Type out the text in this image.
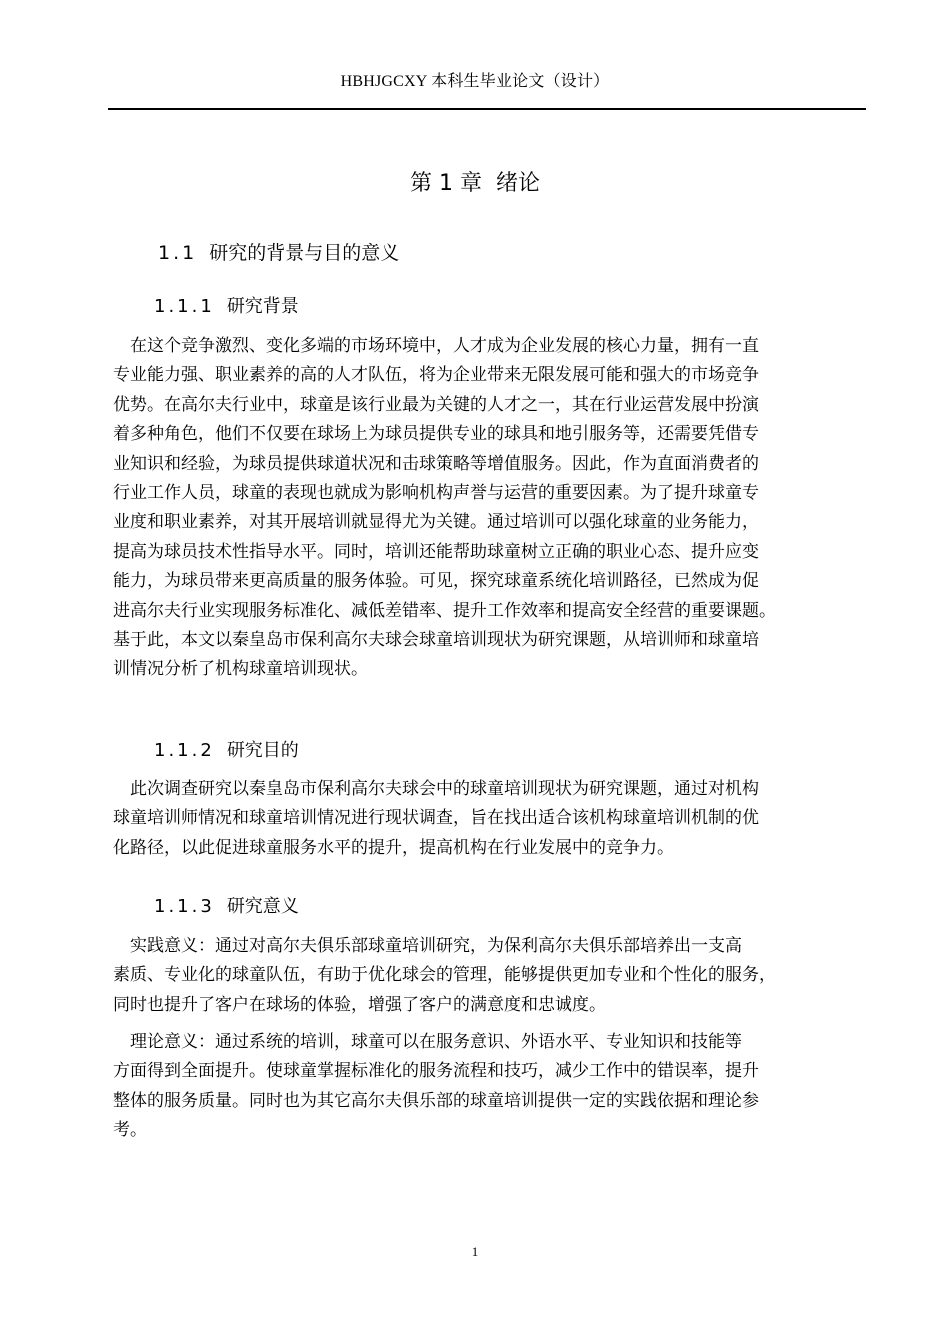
HBHJGCXY 本科生毕业论文（设计）
第 1 章 绪论
1.1 研究的背景与目的意义
1.1.1 研究背景
　在这个竞争激烈、变化多端的市场环境中，人才成为企业发展的核心力量，拥有一直
专业能力强、职业素养的高的人才队伍，将为企业带来无限发展可能和强大的市场竞争
优势。在高尔夫行业中，球童是该行业最为关键的人才之一，其在行业运营发展中扮演
着多种角色，他们不仅要在球场上为球员提供专业的球具和地引服务等，还需要凭借专
业知识和经验，为球员提供球道状况和击球策略等增值服务。因此，作为直面消费者的
行业工作人员，球童的表现也就成为影响机构声誉与运营的重要因素。为了提升球童专
业度和职业素养，对其开展培训就显得尤为关键。通过培训可以强化球童的业务能力，
提高为球员技术性指导水平。同时，培训还能帮助球童树立正确的职业心态、提升应变
能力，为球员带来更高质量的服务体验。可见，探究球童系统化培训路径，已然成为促
进高尔夫行业实现服务标准化、减低差错率、提升工作效率和提高安全经营的重要课题。
基于此，本文以秦皇岛市保利高尔夫球会球童培训现状为研究课题，从培训师和球童培
训情况分析了机构球童培训现状。
1.1.2 研究目的
　此次调查研究以秦皇岛市保利高尔夫球会中的球童培训现状为研究课题，通过对机构
球童培训师情况和球童培训情况进行现状调查，旨在找出适合该机构球童培训机制的优
化路径，以此促进球童服务水平的提升，提高机构在行业发展中的竞争力。
1.1.3 研究意义
　实践意义：通过对高尔夫俱乐部球童培训研究，为保利高尔夫俱乐部培养出一支高
素质、专业化的球童队伍，有助于优化球会的管理，能够提供更加专业和个性化的服务，
同时也提升了客户在球场的体验，增强了客户的满意度和忠诚度。
　理论意义：通过系统的培训，球童可以在服务意识、外语水平、专业知识和技能等
方面得到全面提升。使球童掌握标准化的服务流程和技巧，减少工作中的错误率，提升
整体的服务质量。同时也为其它高尔夫俱乐部的球童培训提供一定的实践依据和理论参
考。
1
